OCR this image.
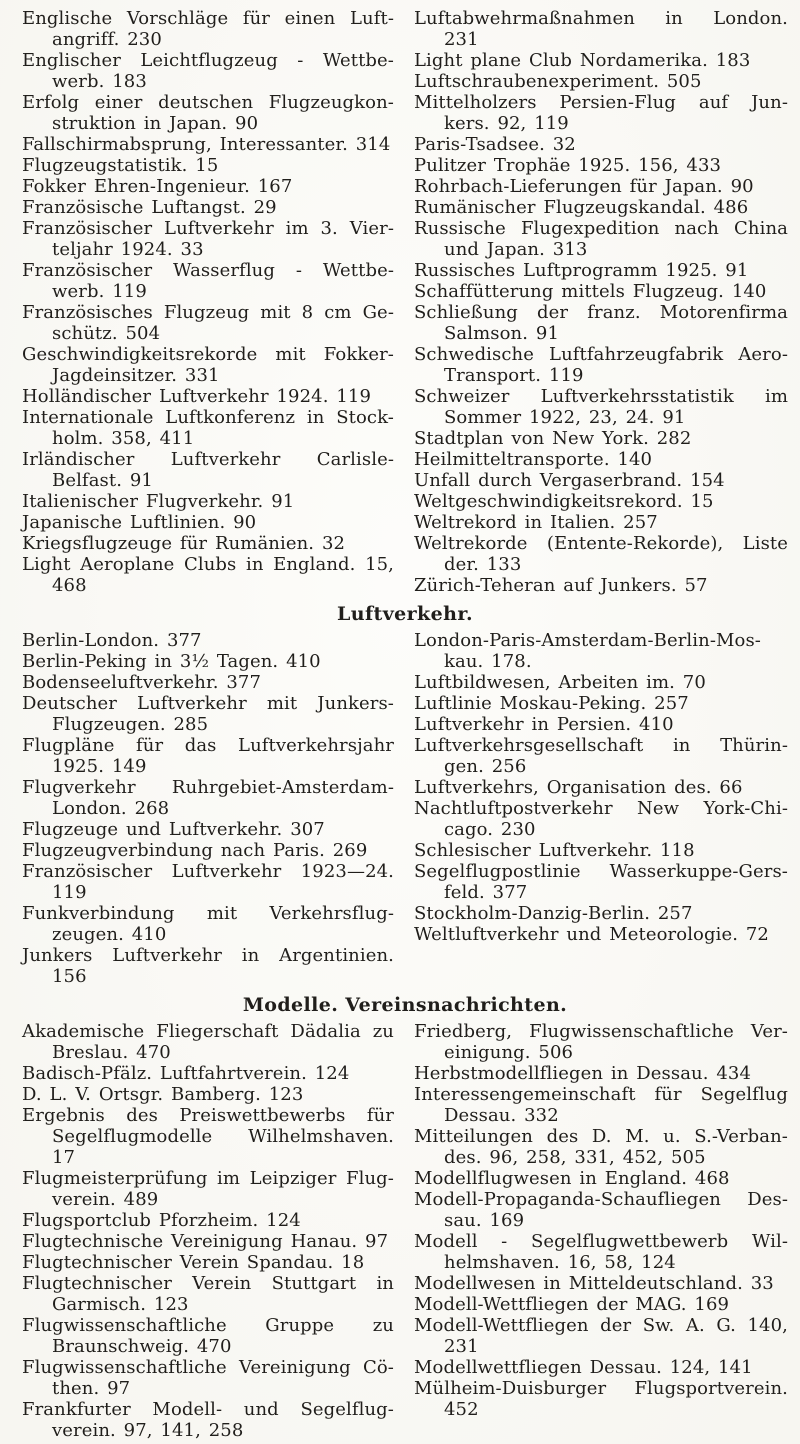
Englische Vorschläge für einen Luft-
angriff. 230
Englischer Leichtflugzeug - Wettbe-
werb. 183
Erfolg einer deutschen Flugzeugkon-
struktion in Japan. 90
Fallschirmabsprung, Interessanter. 314
Flugzeugstatistik. 15
Fokker Ehren-Ingenieur. 167
Französische Luftangst. 29
Französischer Luftverkehr im 3. Vier-
teljahr 1924. 33
Französischer Wasserflug - Wettbe-
werb. 119
Französisches Flugzeug mit 8 cm Ge-
schütz. 504
Geschwindigkeitsrekorde mit Fokker-
Jagdeinsitzer. 331
Holländischer Luftverkehr 1924. 119
Internationale Luftkonferenz in Stock-
holm. 358, 411
Irländischer Luftverkehr Carlisle-
Belfast. 91
Italienischer Flugverkehr. 91
Japanische Luftlinien. 90
Kriegsflugzeuge für Rumänien. 32
Light Aeroplane Clubs in England. 15,
468
Luftabwehrmaßnahmen in London.
231
Light plane Club Nordamerika. 183
Luftschraubenexperiment. 505
Mittelholzers Persien-Flug auf Jun-
kers. 92, 119
Paris-Tsadsee. 32
Pulitzer Trophäe 1925. 156, 433
Rohrbach-Lieferungen für Japan. 90
Rumänischer Flugzeugskandal. 486
Russische Flugexpedition nach China
und Japan. 313
Russisches Luftprogramm 1925. 91
Schaffütterung mittels Flugzeug. 140
Schließung der franz. Motorenfirma
Salmson. 91
Schwedische Luftfahrzeugfabrik Aero-
Transport. 119
Schweizer Luftverkehrsstatistik im
Sommer 1922, 23, 24. 91
Stadtplan von New York. 282
Heilmitteltransporte. 140
Unfall durch Vergaserbrand. 154
Weltgeschwindigkeitsrekord. 15
Weltrekord in Italien. 257
Weltrekorde (Entente-Rekorde), Liste
der. 133
Zürich-Teheran auf Junkers. 57
Luftverkehr.
Berlin-London. 377
Berlin-Peking in 3½ Tagen. 410
Bodenseeluftverkehr. 377
Deutscher Luftverkehr mit Junkers-
Flugzeugen. 285
Flugpläne für das Luftverkehrsjahr
1925. 149
Flugverkehr Ruhrgebiet-Amsterdam-
London. 268
Flugzeuge und Luftverkehr. 307
Flugzeugverbindung nach Paris. 269
Französischer Luftverkehr 1923—24.
119
Funkverbindung mit Verkehrsflug-
zeugen. 410
Junkers Luftverkehr in Argentinien.
156
London-Paris-Amsterdam-Berlin-Mos-
kau. 178.
Luftbildwesen, Arbeiten im. 70
Luftlinie Moskau-Peking. 257
Luftverkehr in Persien. 410
Luftverkehrsgesellschaft in Thürin-
gen. 256
Luftverkehrs, Organisation des. 66
Nachtluftpostverkehr New York-Chi-
cago. 230
Schlesischer Luftverkehr. 118
Segelflugpostlinie Wasserkuppe-Gers-
feld. 377
Stockholm-Danzig-Berlin. 257
Weltluftverkehr und Meteorologie. 72
Modelle. Vereinsnachrichten.
Akademische Fliegerschaft Dädalia zu
Breslau. 470
Badisch-Pfälz. Luftfahrtverein. 124
D. L. V. Ortsgr. Bamberg. 123
Ergebnis des Preiswettbewerbs für
Segelflugmodelle Wilhelmshaven.
17
Flugmeisterprüfung im Leipziger Flug-
verein. 489
Flugsportclub Pforzheim. 124
Flugtechnische Vereinigung Hanau. 97
Flugtechnischer Verein Spandau. 18
Flugtechnischer Verein Stuttgart in
Garmisch. 123
Flugwissenschaftliche Gruppe zu
Braunschweig. 470
Flugwissenschaftliche Vereinigung Cö-
then. 97
Frankfurter Modell- und Segelflug-
verein. 97, 141, 258
Friedberg, Flugwissenschaftliche Ver-
einigung. 506
Herbstmodellfliegen in Dessau. 434
Interessengemeinschaft für Segelflug
Dessau. 332
Mitteilungen des D. M. u. S.-Verban-
des. 96, 258, 331, 452, 505
Modellflugwesen in England. 468
Modell-Propaganda-Schaufliegen Des-
sau. 169
Modell - Segelflugwettbewerb Wil-
helmshaven. 16, 58, 124
Modellwesen in Mitteldeutschland. 33
Modell-Wettfliegen der MAG. 169
Modell-Wettfliegen der Sw. A. G. 140,
231
Modellwettfliegen Dessau. 124, 141
Mülheim-Duisburger Flugsportverein.
452
